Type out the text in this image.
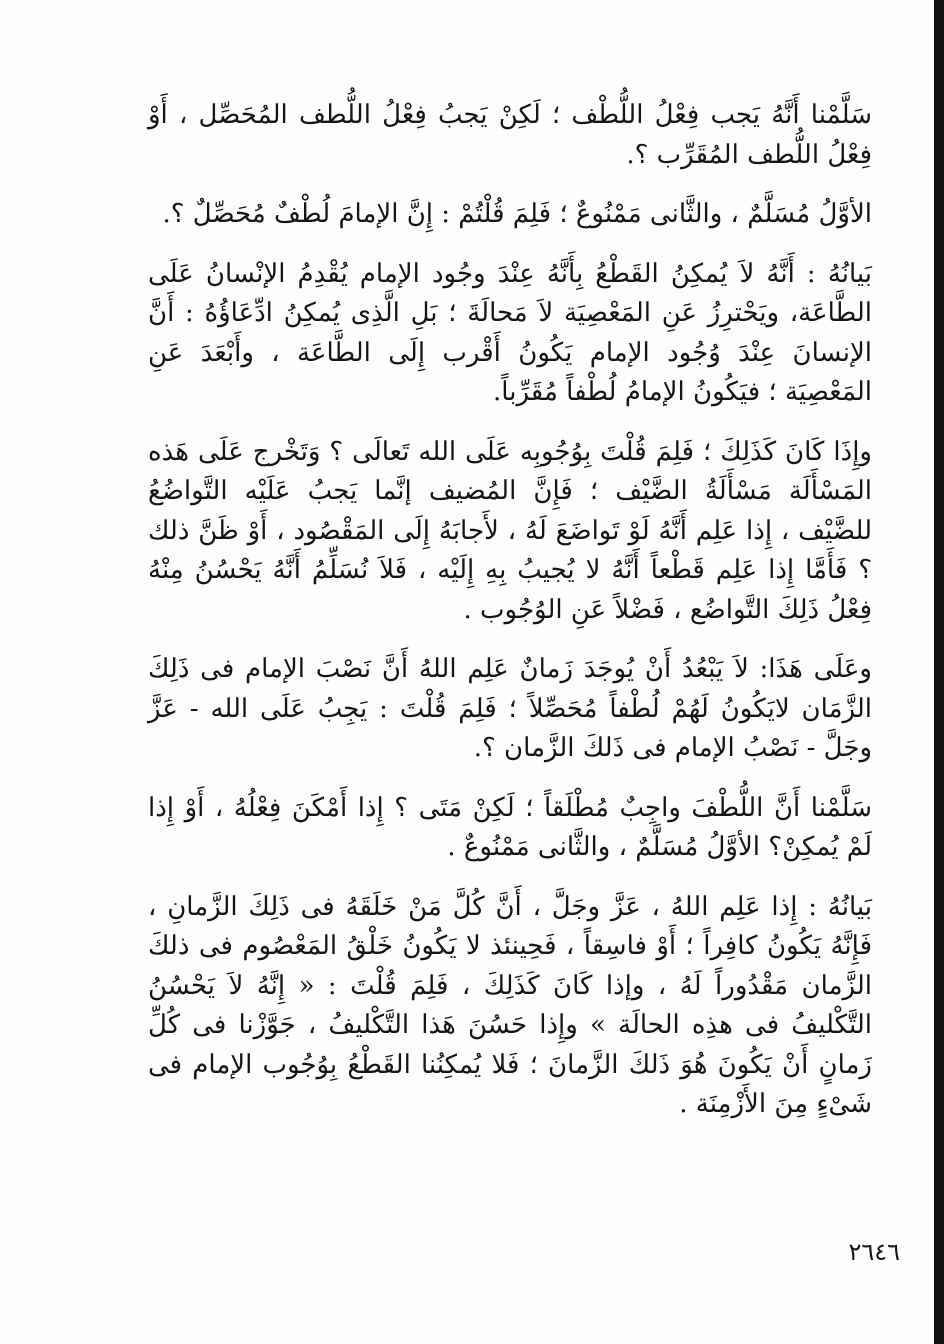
سَلَّمْنا أَنَّهُ يَجب فِعْلُ اللُّطْف ؛ لَكِنْ يَجبُ فِعْلُ اللُّطف المُحَصِّل ، أَوْ فِعْلُ اللُّطف المُقَرِّب ؟.

الأوَّلُ مُسَلَّمٌ ، والثَّانى مَمْنُوعٌ ؛ فَلِمَ قُلْتُمْ : إِنَّ الإمامَ لُطْفٌ مُحَصِّلٌ ؟.

بَيانُهُ : أَنَّهُ لاَ يُمكِنُ القَطْعُ بِأَنَّهُ عِنْدَ وجُود الإمام يُقْدِمُ الإنْسانُ عَلَى الطَّاعَة، ويَحْترِزُ عَنِ المَعْصِيَة لاَ مَحالَةَ ؛ بَلِ الَّذِى يُمكِنُ ادِّعَاؤُهُ : أَنَّ الإنسانَ عِنْدَ وُجُود الإمام يَكُونُ أَقْرب إِلَى الطَّاعَة ، وأَبْعَدَ عَنِ المَعْصِيَة ؛ فيَكُونُ الإمامُ لُطْفاً مُقَرِّباً.

وإِذَا كَانَ كَذَلِكَ ؛ فَلِمَ قُلْتَ بِوُجُوبِه عَلَى الله تَعالَى ؟ وَتَخْرج عَلَى هَذه المَسْأَلَة مَسْأَلَةُ الضَّيْف ؛ فَإِنَّ المُضيف إنَّما يَجبُ عَلَيْه التَّواضُعُ للضَّيْف ، إِذا عَلِم أَنَّهُ لَوْ تَواضَعَ لَهُ ، لأَجابَهُ إِلَى المَقْصُود ، أَوْ ظَنَّ ذلك ؟ فَأَمَّا إِذا عَلِم قَطْعاً أَنَّهُ لا يُجيبُ بِهِ إِلَيْه ، فَلاَ نُسَلِّمُ أَنَّهُ يَحْسُنُ مِنْهُ فِعْلُ ذَلِكَ التَّواضُع ، فَضْلاً عَنِ الوُجُوب .

وعَلَى هَذَا: لاَ يَبْعُدُ أَنْ يُوجَدَ زَمانٌ عَلِم اللهُ أَنَّ نَصْبَ الإمام فى ذَلِكَ الزَّمَان لايَكُونُ لَهُمْ لُطْفاً مُحَصِّلاً ؛ فَلِمَ قُلْتَ : يَجِبُ عَلَى الله - عَزَّ وجَلَّ - نَصْبُ الإمام فى ذَلكَ الزَّمان ؟.

سَلَّمْنا أَنَّ اللُّطْفَ واجِبٌ مُطْلَقاً ؛ لَكِنْ مَتَى ؟ إِذا أَمْكَنَ فِعْلُهُ ، أَوْ إِذا لَمْ يُمكِنْ؟ الأوَّلُ مُسَلَّمٌ ، والثَّانى مَمْنُوعٌ .

بَيانُهُ : إِذا عَلِم اللهُ ، عَزَّ وجَلَّ ، أَنَّ كُلَّ مَنْ خَلَقَهُ فى ذَلِكَ الزَّمانِ ، فَإِنَّهُ يَكُونُ كافِراً ؛ أَوْ فاسِقاً ، فَحِينئذ لا يَكُونُ خَلْقُ المَعْصُوم فى ذلكَ الزَّمان مَقْدُوراً لَهُ ، وإذا كَانَ كَذَلِكَ ، فَلِمَ قُلْتَ : « إِنَّهُ لاَ يَحْسُنُ التَّكْليفُ فى هذِه الحالَة » وإِذا حَسُنَ هَذا التَّكْليفُ ، جَوَّزْنا فى كُلِّ زَمانٍ أَنْ يَكُونَ هُوَ ذَلكَ الزَّمانَ ؛ فَلا يُمكِنُنا القَطْعُ بِوُجُوب الإمام فى شَىْءٍ مِنَ الأَزْمِنَة .

٢٦٤٦
